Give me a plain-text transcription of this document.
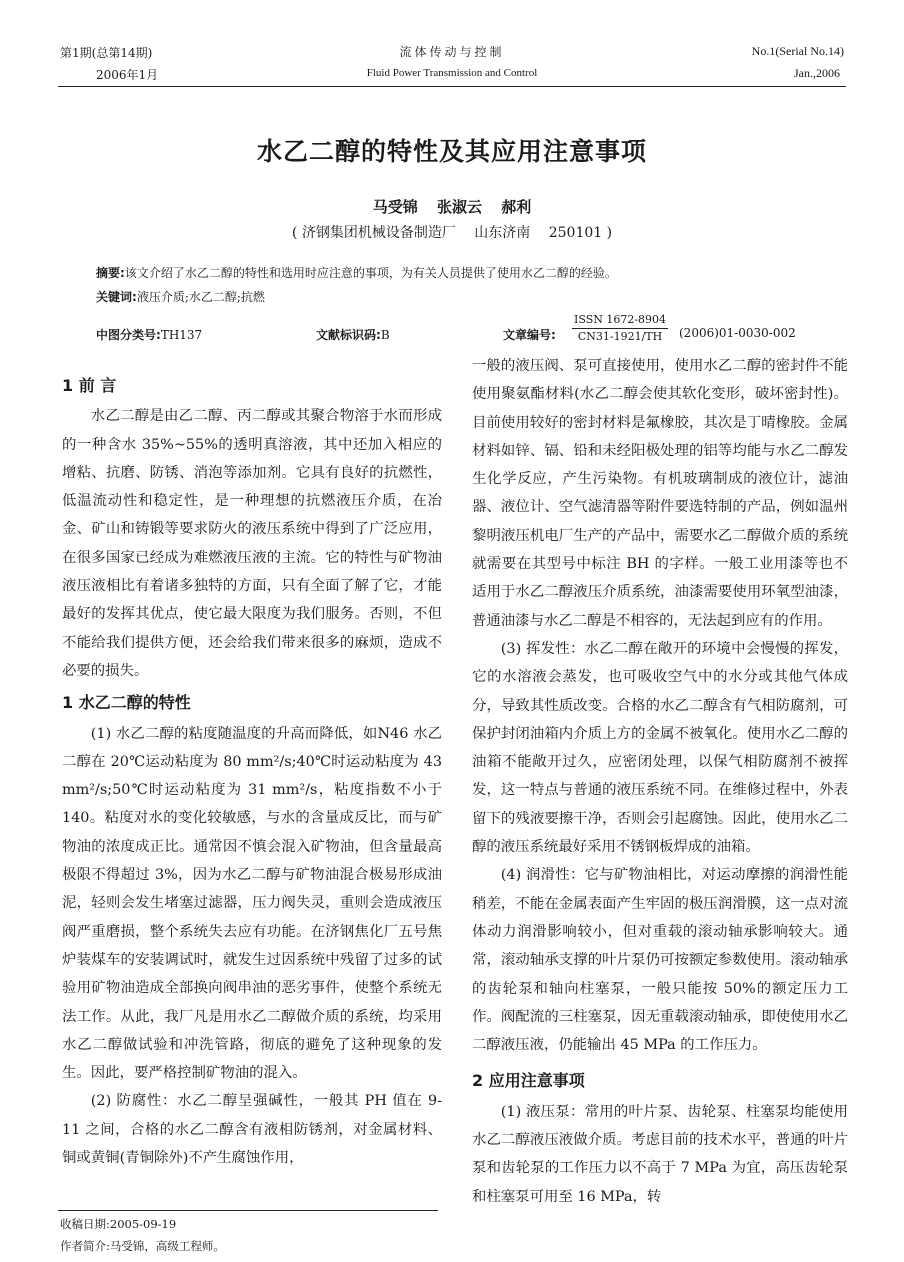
第1期(总第14期)
2006年1月
流体传动与控制
Fluid Power Transmission and Control
No.1(Serial No.14)
Jan.,2006
水乙二醇的特性及其应用注意事项
马受锦 张淑云 郝利
( 济钢集团机械设备制造厂　 山东济南　 250101 )
摘要:该文介绍了水乙二醇的特性和选用时应注意的事项，为有关人员提供了使用水乙二醇的经验。
关键词:液压介质;水乙二醇;抗燃
中图分类号:TH137	文献标识码:B	文章编号:
ISSN 1672-8904
CN31-1921/TH	(2006)01-0030-002
1 前 言

水乙二醇是由乙二醇、丙二醇或其聚合物溶于水而形成的一种含水 35%~55%的透明真溶液，其中还加入相应的增粘、抗磨、防锈、消泡等添加剂。它具有良好的抗燃性，低温流动性和稳定性，是一种理想的抗燃液压介质，在冶金、矿山和铸锻等要求防火的液压系统中得到了广泛应用，在很多国家已经成为难燃液压液的主流。它的特性与矿物油液压液相比有着诸多独特的方面，只有全面了解了它，才能最好的发挥其优点，使它最大限度为我们服务。否则，不但不能给我们提供方便，还会给我们带来很多的麻烦，造成不必要的损失。

1 水乙二醇的特性

(1) 水乙二醇的粘度随温度的升高而降低，如N46 水乙二醇在 20℃运动粘度为 80 mm²/s;40℃时运动粘度为 43 mm²/s;50℃时运动粘度为 31 mm²/s，粘度指数不小于 140。粘度对水的变化较敏感，与水的含量成反比，而与矿物油的浓度成正比。通常因不慎会混入矿物油，但含量最高极限不得超过 3%，因为水乙二醇与矿物油混合极易形成油泥，轻则会发生堵塞过滤器，压力阀失灵，重则会造成液压阀严重磨损，整个系统失去应有功能。在济钢焦化厂五号焦炉装煤车的安装调试时，就发生过因系统中残留了过多的试验用矿物油造成全部换向阀串油的恶劣事件，使整个系统无法工作。从此，我厂凡是用水乙二醇做介质的系统，均采用水乙二醇做试验和冲洗管路，彻底的避免了这种现象的发生。因此，要严格控制矿物油的混入。

(2) 防腐性：水乙二醇呈强碱性，一般其 PH 值在 9-11 之间，合格的水乙二醇含有液相防锈剂，对金属材料、铜或黄铜(青铜除外)不产生腐蚀作用，

一般的液压阀、泵可直接使用，使用水乙二醇的密封件不能使用聚氨酯材料(水乙二醇会使其软化变形，破坏密封性)。目前使用较好的密封材料是氟橡胶，其次是丁晴橡胶。金属材料如锌、镉、铅和未经阳极处理的铝等均能与水乙二醇发生化学反应，产生污染物。有机玻璃制成的液位计，滤油器、液位计、空气滤清器等附件要选特制的产品，例如温州黎明液压机电厂生产的产品中，需要水乙二醇做介质的系统就需要在其型号中标注 BH 的字样。一般工业用漆等也不适用于水乙二醇液压介质系统，油漆需要使用环氧型油漆，普通油漆与水乙二醇是不相容的，无法起到应有的作用。

(3) 挥发性：水乙二醇在敞开的环境中会慢慢的挥发，它的水溶液会蒸发，也可吸收空气中的水分或其他气体成分，导致其性质改变。合格的水乙二醇含有气相防腐剂，可保护封闭油箱内介质上方的金属不被氧化。使用水乙二醇的油箱不能敞开过久，应密闭处理，以保气相防腐剂不被挥发，这一特点与普通的液压系统不同。在维修过程中，外表留下的残液要擦干净，否则会引起腐蚀。因此，使用水乙二醇的液压系统最好采用不锈钢板焊成的油箱。

(4) 润滑性：它与矿物油相比，对运动摩擦的润滑性能稍差，不能在金属表面产生牢固的极压润滑膜，这一点对流体动力润滑影响较小，但对重载的滚动轴承影响较大。通常，滚动轴承支撑的叶片泵仍可按额定参数使用。滚动轴承的齿轮泵和轴向柱塞泵，一般只能按 50%的额定压力工作。阀配流的三柱塞泵，因无重载滚动轴承，即使使用水乙二醇液压液，仍能输出 45 MPa 的工作压力。

2 应用注意事项

(1) 液压泵：常用的叶片泵、齿轮泵、柱塞泵均能使用水乙二醇液压液做介质。考虑目前的技术水平，普通的叶片泵和齿轮泵的工作压力以不高于 7 MPa 为宜，高压齿轮泵和柱塞泵可用至 16 MPa，转

收稿日期:2005-09-19
作者简介:马受锦，高级工程师。
